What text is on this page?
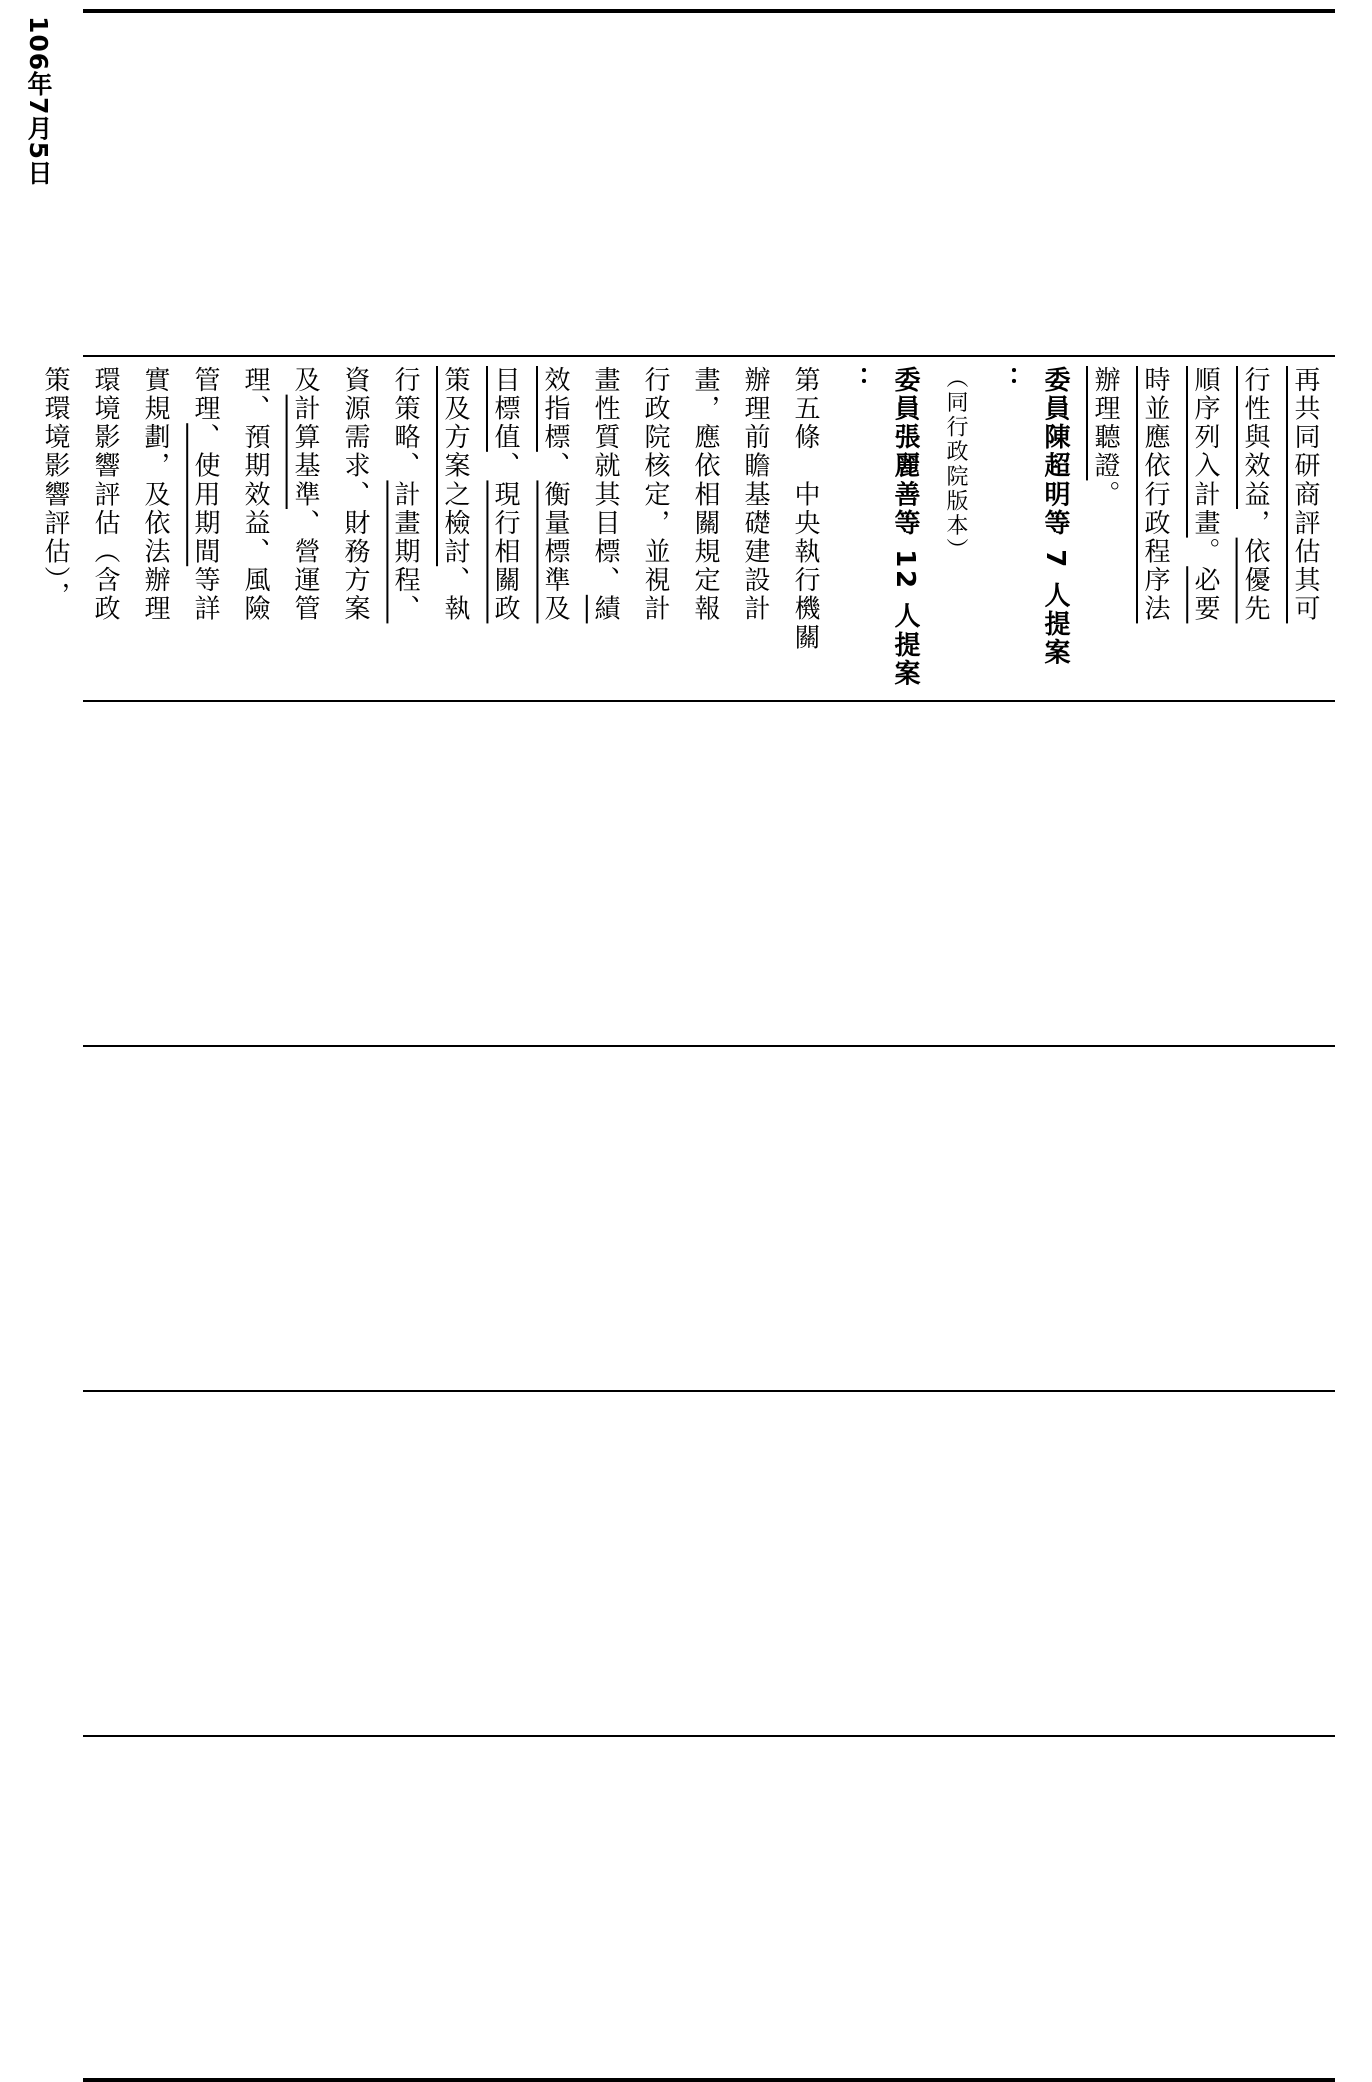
106年7月5日
再共同研商評估其可
行性與效益，依優先
順序列入計畫。必要
時並應依行政程序法
辦理聽證。
委員陳超明等 7 人提案
：
（同行政院版本）
委員張麗善等 12 人提案
：
第五條　中央執行機關
辦理前瞻基礎建設計
畫，應依相關規定報
行政院核定，並視計
畫性質就其目標、績
效指標、衡量標準及
目標值、現行相關政
策及方案之檢討、執
行策略、計畫期程、
資源需求、財務方案
及計算基準、營運管
理、預期效益、風險
管理、使用期間等詳
實規劃，及依法辦理
環境影響評估（含政
策環境影響評估），
